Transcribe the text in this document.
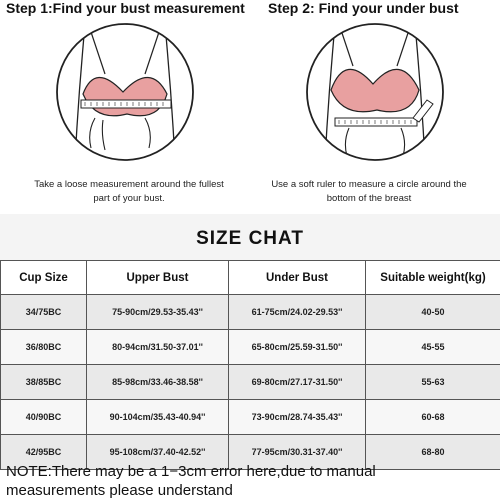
Step 1:Find your bust measurement Step 2: Find your under bust
Take a loose measurement around the fullest
part of your bust.
Use a soft ruler to measure a circle around the
bottom of the breast
SIZE CHAT
Cup Size	Upper Bust	Under Bust	Suitable weight(kg)
34/75BC	75-90cm/29.53-35.43''	61-75cm/24.02-29.53''	40-50
36/80BC	80-94cm/31.50-37.01''	65-80cm/25.59-31.50''	45-55
38/85BC	85-98cm/33.46-38.58''	69-80cm/27.17-31.50''	55-63
40/90BC	90-104cm/35.43-40.94''	73-90cm/28.74-35.43''	60-68
42/95BC	95-108cm/37.40-42.52''	77-95cm/30.31-37.40''	68-80
NOTE:There may be a 1−3cm error here,due to manual
measurements please understand
